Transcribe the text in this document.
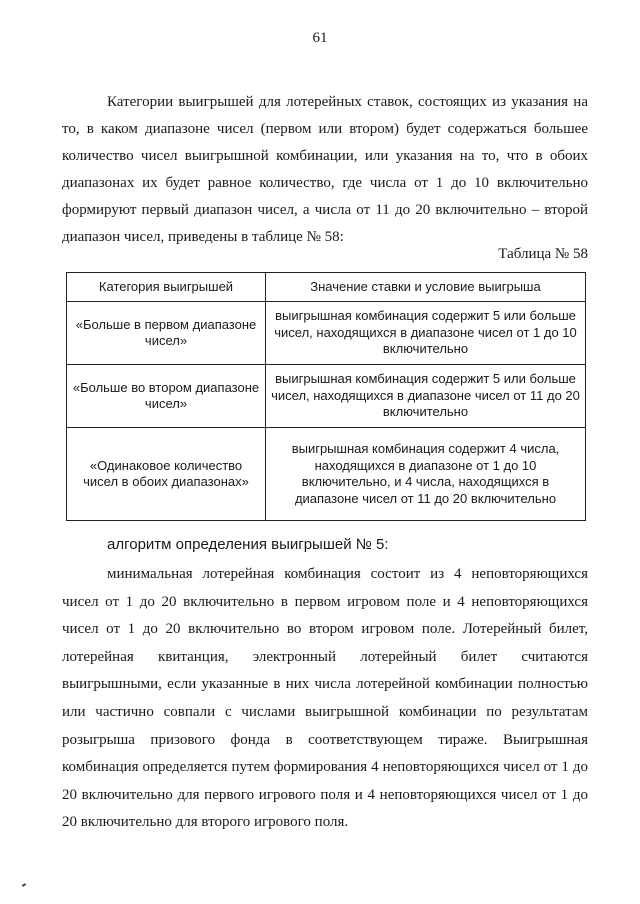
61

Категории выигрышей для лотерейных ставок, состоящих из указания на то, в каком диапазоне чисел (первом или втором) будет содержаться большее количество чисел выигрышной комбинации, или указания на то, что в обоих диапазонах их будет равное количество, где числа от 1 до 10 включительно формируют первый диапазон чисел, а числа от 11 до 20 включительно – второй диапазон чисел, приведены в таблице № 58:

Таблица № 58
Категория выигрышей	Значение ставки и условие выигрыша
«Больше в первом диапазоне чисел»	выигрышная комбинация содержит 5 или больше чисел, находящихся в диапазоне чисел от 1 до 10 включительно
«Больше во втором диапазоне чисел»	выигрышная комбинация содержит 5 или больше чисел, находящихся в диапазоне чисел от 11 до 20 включительно
«Одинаковое количество чисел в обоих диапазонах»	выигрышная комбинация содержит 4 числа, находящихся в диапазоне от 1 до 10 включительно, и 4 числа, находящихся в диапазоне чисел от 11 до 20 включительно
алгоритм определения выигрышей № 5:

минимальная лотерейная комбинация состоит из 4 неповторяющихся чисел от 1 до 20 включительно в первом игровом поле и 4 неповторяющихся чисел от 1 до 20 включительно во втором игровом поле. Лотерейный билет, лотерейная квитанция, электронный лотерейный билет считаются выигрышными, если указанные в них числа лотерейной комбинации полностью или частично совпали с числами выигрышной комбинации по результатам розыгрыша призового фонда в соответствующем тираже. Выигрышная комбинация определяется путем формирования 4 неповторяющихся чисел от 1 до 20 включительно для первого игрового поля и 4 неповторяющихся чисел от 1 до 20 включительно для второго игрового поля.
